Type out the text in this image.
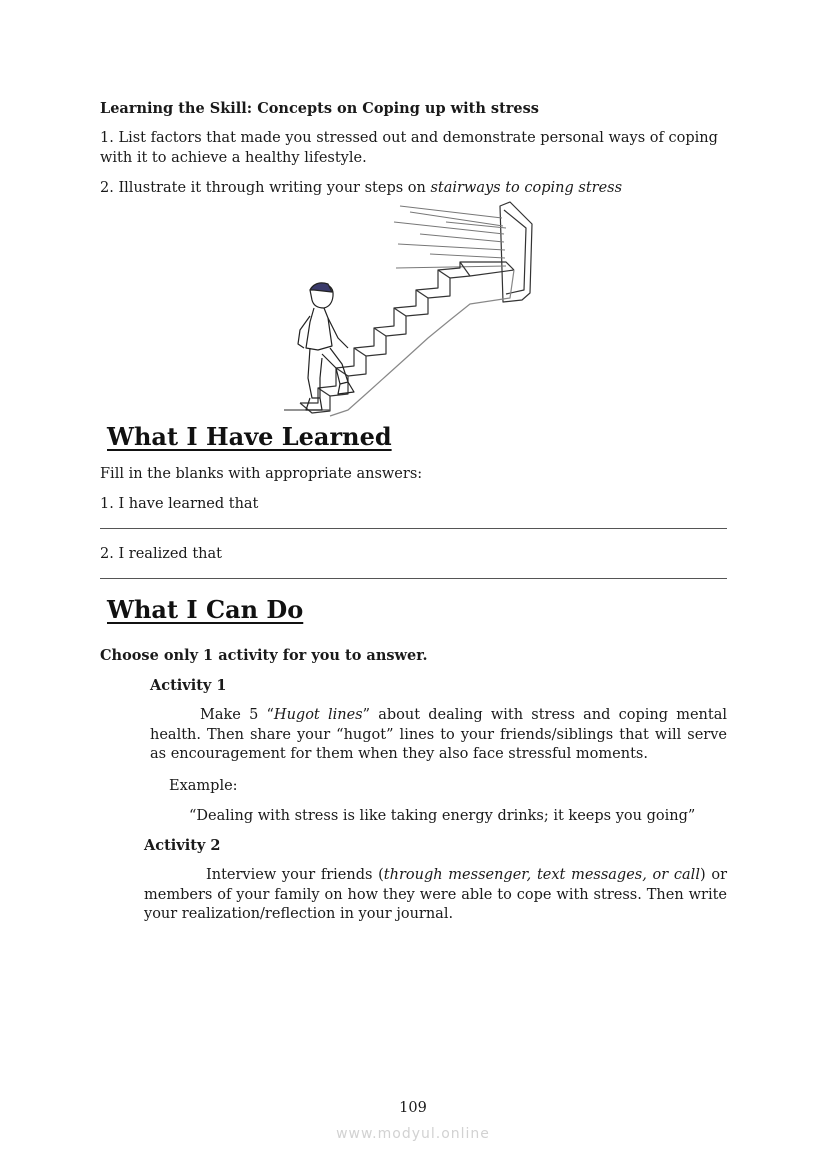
Learning the Skill: Concepts on Coping up with stress

1. List factors that made you stressed out and demonstrate personal ways of coping with it to achieve a healthy lifestyle.

2. Illustrate it through writing your steps on stairways to coping stress

What I Have Learned

Fill in the blanks with appropriate answers:

1. I have learned that

2. I realized that

What I Can Do
Choose only 1 activity for you to answer.
Activity 1

Make 5 “Hugot lines” about dealing with stress and coping mental health. Then share your “hugot” lines to your friends/siblings that will serve as encouragement for them when they also face stressful moments.

Example:

“Dealing with stress is like taking energy drinks; it keeps you going”

Activity 2

Interview your friends (through messenger, text messages, or call) or members of your family on how they were able to cope with stress. Then write your realization/reflection in your journal.

109
www.modyul.online
